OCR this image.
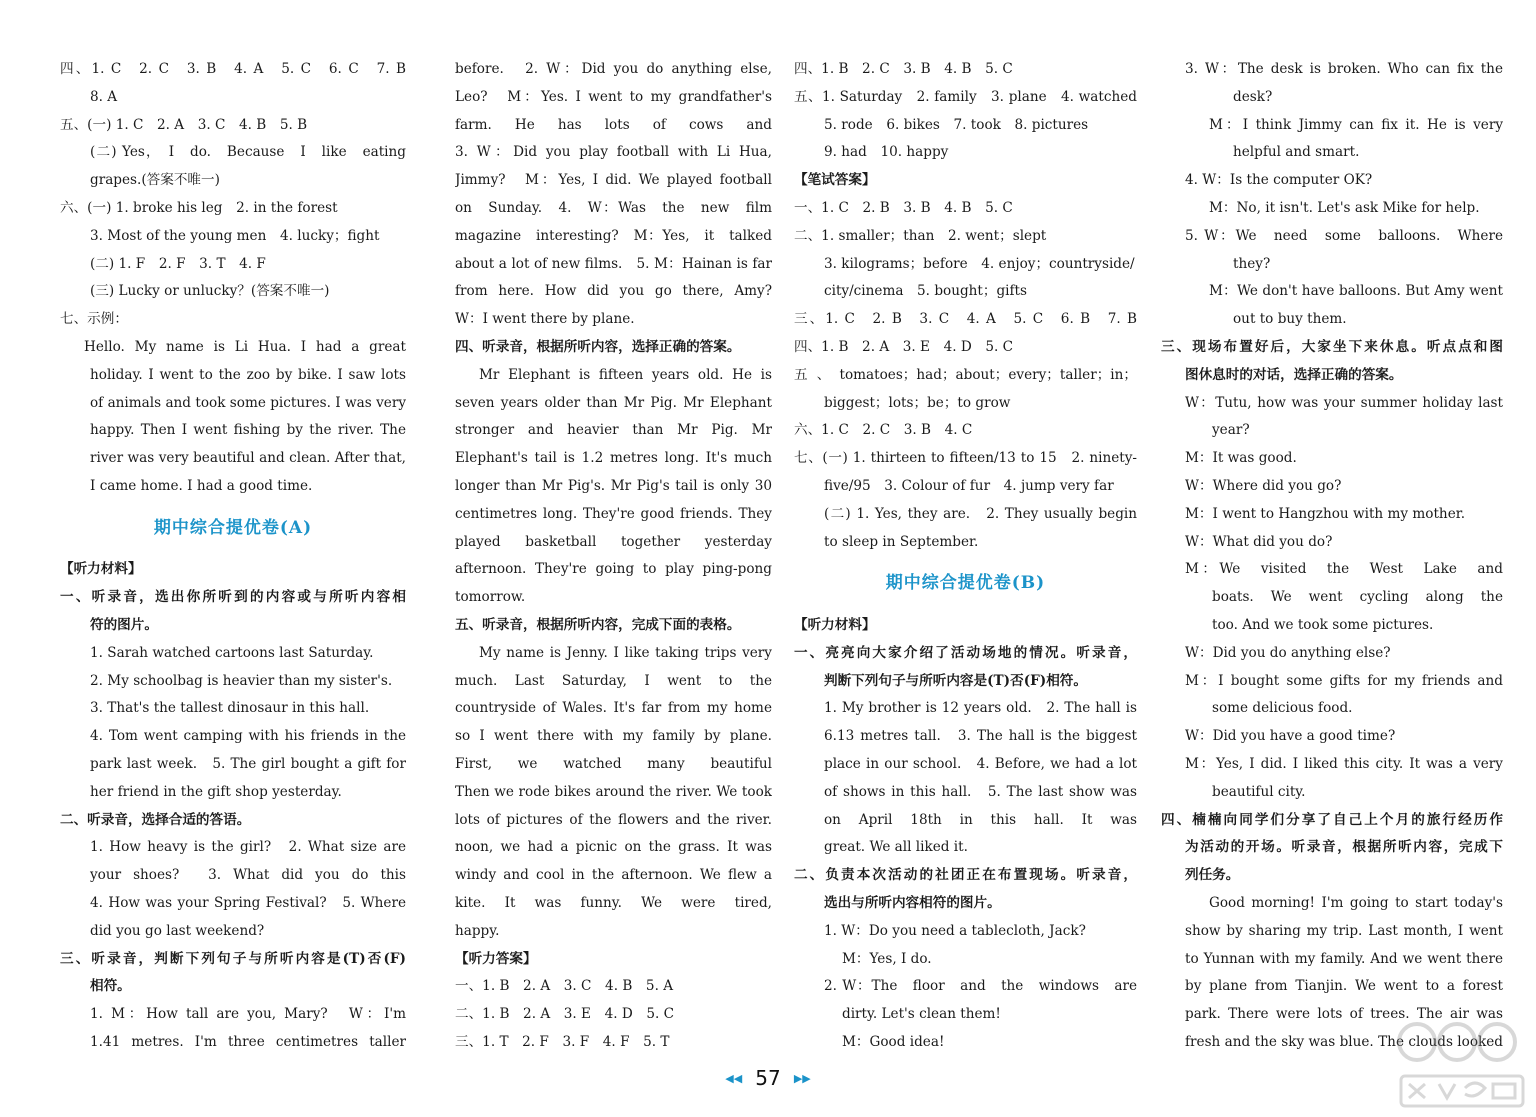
四、1. C　2. C　3. B　4. A　5. C　6. C　7. B
8. A
五、(一) 1. C　2. A　3. C　4. B　5. B
(二) Yes，　I　do.　Because　I　like　eating
grapes.(答案不唯一)
六、(一) 1. broke his leg　2. in the forest
3. Most of the young men　4. lucky；fight
(二) 1. F　2. F　3. T　4. F
(三) Lucky or unlucky？(答案不唯一)
七、示例：
Hello. My name is Li Hua. I had a great
holiday. I went to the zoo by bike. I saw lots
of animals and took some pictures. I was very
happy. Then I went fishing by the river. The
river was very beautiful and clean. After that,
I came home. I had a good time.
期中综合提优卷(A)
【听力材料】
一、听录音，选出你所听到的内容或与所听内容相
符的图片。
1. Sarah watched cartoons last Saturday.
2. My schoolbag is heavier than my sister's.
3. That's the tallest dinosaur in this hall.
4. Tom went camping with his friends in the
park last week.　5. The girl bought a gift for
her friend in the gift shop yesterday.
二、听录音，选择合适的答语。
1. How heavy is the girl?　2. What size are
your shoes?　3. What did you do this
4. How was your Spring Festival?　5. Where
did you go last weekend?
三、听录音，判断下列句子与所听内容是(T)否(F)
相符。
1. M：How tall are you, Mary?　W：I'm
1.41 metres. I'm three centimetres taller
before.　2. W：Did you do anything else,
Leo?　M：Yes. I went to my grandfather's
farm.　He　has　lots　of　cows　and　
3. W：Did you play football with Li Hua,
Jimmy?　M：Yes, I did. We played football
on　Sunday.　4.　W：Was　the　new　film
magazine　interesting?　M：Yes,　it　talked
about a lot of new films.　5. M：Hainan is far
from here. How did you go there, Amy?
W：I went there by plane.
四、听录音，根据所听内容，选择正确的答案。
Mr Elephant is fifteen years old. He is
seven years older than Mr Pig. Mr Elephant
stronger　and　heavier　than　Mr　Pig.　Mr
Elephant's tail is 1.2 metres long. It's much
longer than Mr Pig's. Mr Pig's tail is only 30
centimetres long. They're good friends. They
played　basketball　together　yesterday
afternoon. They're going to play ping-pong
tomorrow.
五、听录音，根据所听内容，完成下面的表格。
My name is Jenny. I like taking trips very
much.　Last　Saturday,　I　went　to　the
countryside of Wales. It's far from my home
so I went there with my family by plane.
First,　we　watched　many　beautiful　
Then we rode bikes around the river. We took
lots of pictures of the flowers and the river.
noon, we had a picnic on the grass. It was
windy and cool in the afternoon. We flew a
kite.　It　was　funny.　We　were　tired,　
happy.
【听力答案】
一、1. B　2. A　3. C　4. B　5. A
二、1. B　2. A　3. E　4. D　5. C
三、1. T　2. F　3. F　4. F　5. T
四、1. B　2. C　3. B　4. B　5. C
五、1. Saturday　2. family　3. plane　4. watched
5. rode　6. bikes　7. took　8. pictures
9. had　10. happy
【笔试答案】
一、1. C　2. B　3. B　4. B　5. C
二、1. smaller；than　2. went；slept
3. kilograms；before　4. enjoy；countryside/
city/cinema　5. bought；gifts
三、1. C　2. B　3. C　4. A　5. C　6. B　7. B
四、1. B　2. A　3. E　4. D　5. C
五、tomatoes；had；about；every；taller；in；
biggest；lots；be；to grow
六、1. C　2. C　3. B　4. C
七、(一) 1. thirteen to fifteen/13 to 15　2. ninety-
five/95　3. Colour of fur　4. jump very far
(二) 1. Yes, they are.　2. They usually begin
to sleep in September.
期中综合提优卷(B)
【听力材料】
一、亮亮向大家介绍了活动场地的情况。听录音，
判断下列句子与所听内容是(T)否(F)相符。
1. My brother is 12 years old.　2. The hall is
6.13 metres tall.　3. The hall is the biggest
place in our school.　4. Before, we had a lot
of shows in this hall.　5. The last show was
on　April　18th　in　this　hall.　It　was　
great. We all liked it.
二、负责本次活动的社团正在布置现场。听录音，
选出与所听内容相符的图片。
1. W：Do you need a tablecloth, Jack?
M：Yes, I do.
2. W：The　floor　and　the　windows　are
dirty. Let's clean them!
M：Good idea!
3. W：The desk is broken. Who can fix the
desk?
M：I think Jimmy can fix it. He is very
helpful and smart.
4. W：Is the computer OK?
M：No, it isn't. Let's ask Mike for help.
5. W：We　need　some　balloons.　Where　
they?
M：We don't have balloons. But Amy went
out to buy them.
三、现场布置好后，大家坐下来休息。听点点和图
图休息时的对话，选择正确的答案。
W：Tutu, how was your summer holiday last
year?
M：It was good.
W：Where did you go?
M：I went to Hangzhou with my mother.
W：What did you do?
M：We　visited　the　West　Lake　and　
boats.　We　went　cycling　along　the　
too. And we took some pictures.
W：Did you do anything else?
M：I bought some gifts for my friends and
some delicious food.
W：Did you have a good time?
M：Yes, I did. I liked this city. It was a very
beautiful city.
四、楠楠向同学们分享了自己上个月的旅行经历作
为活动的开场。听录音，根据所听内容，完成下
列任务。
Good morning! I'm going to start today's
show by sharing my trip. Last month, I went
to Yunnan with my family. And we went there
by plane from Tianjin. We went to a forest
park. There were lots of trees. The air was
fresh and the sky was blue. The clouds looked
◀◀ 57 ▶▶
